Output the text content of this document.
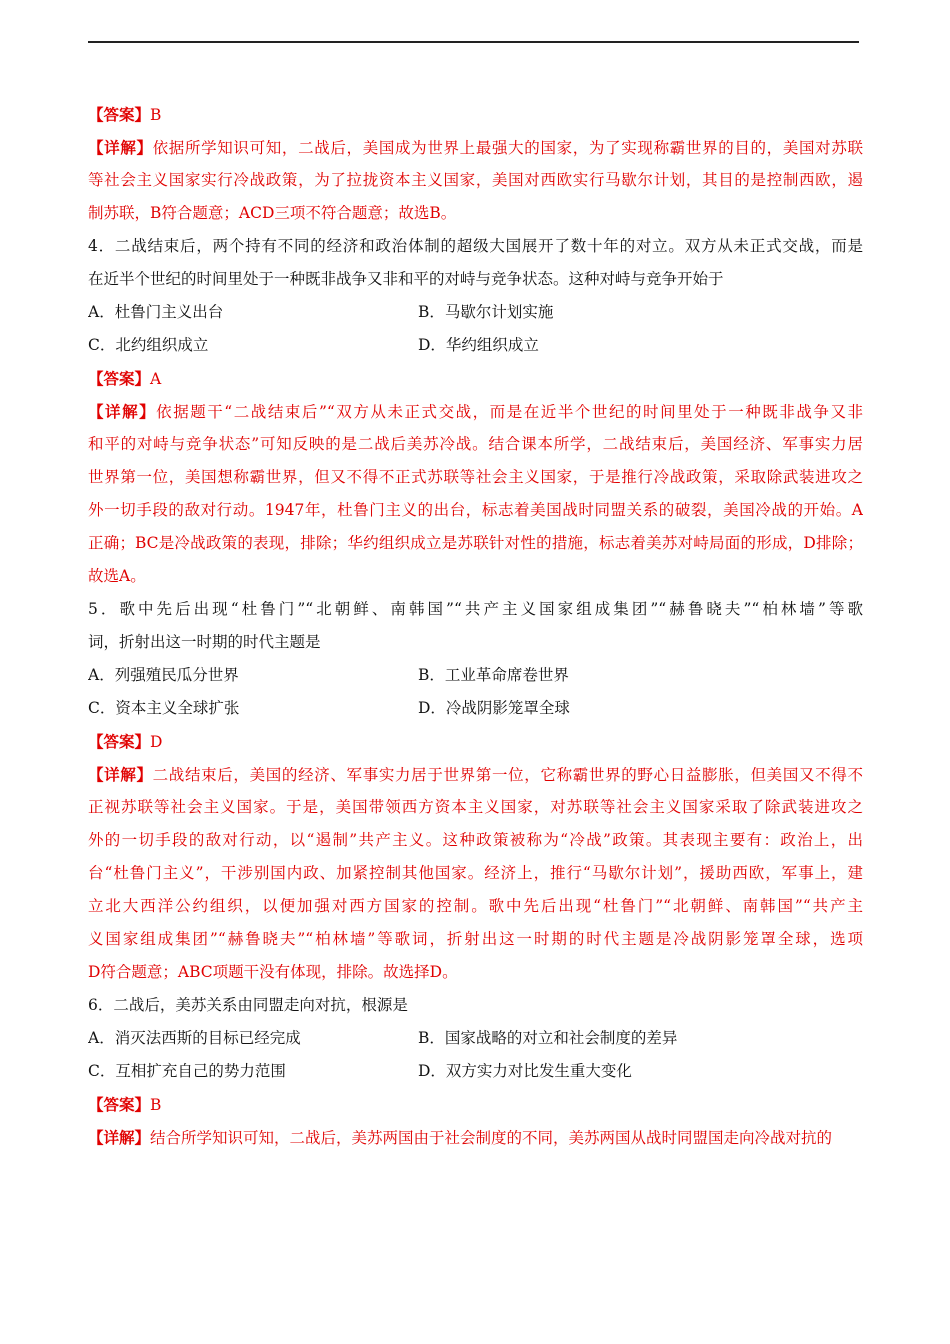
【答案】B
【详解】依据所学知识可知，二战后，美国成为世界上最强大的国家，为了实现称霸世界的目的，美国对苏联
等社会主义国家实行冷战政策，为了拉拢资本主义国家，美国对西欧实行马歇尔计划，其目的是控制西欧，遏
制苏联，B符合题意；ACD三项不符合题意；故选B。
4．二战结束后，两个持有不同的经济和政治体制的超级大国展开了数十年的对立。双方从未正式交战，而是
在近半个世纪的时间里处于一种既非战争又非和平的对峙与竞争状态。这种对峙与竞争开始于
A．杜鲁门主义出台	B．马歇尔计划实施
C．北约组织成立	D．华约组织成立
【答案】A
【详解】依据题干“二战结束后”“双方从未正式交战，而是在近半个世纪的时间里处于一种既非战争又非
和平的对峙与竞争状态”可知反映的是二战后美苏冷战。结合课本所学，二战结束后，美国经济、军事实力居
世界第一位，美国想称霸世界，但又不得不正式苏联等社会主义国家，于是推行冷战政策，采取除武装进攻之
外一切手段的敌对行动。1947年，杜鲁门主义的出台，标志着美国战时同盟关系的破裂，美国冷战的开始。A
正确；BC是冷战政策的表现，排除；华约组织成立是苏联针对性的措施，标志着美苏对峙局面的形成，D排除；
故选A。
5．歌中先后出现“杜鲁门”“北朝鲜、南韩国”“共产主义国家组成集团”“赫鲁晓夫”“柏林墙”等歌
词，折射出这一时期的时代主题是
A．列强殖民瓜分世界	B．工业革命席卷世界
C．资本主义全球扩张	D．冷战阴影笼罩全球
【答案】D
【详解】二战结束后，美国的经济、军事实力居于世界第一位，它称霸世界的野心日益膨胀，但美国又不得不
正视苏联等社会主义国家。于是，美国带领西方资本主义国家，对苏联等社会主义国家采取了除武装进攻之
外的一切手段的敌对行动，以“遏制”共产主义。这种政策被称为“冷战”政策。其表现主要有：政治上，出
台“杜鲁门主义”，干涉别国内政、加紧控制其他国家。经济上，推行“马歇尔计划”，援助西欧，军事上，建
立北大西洋公约组织，以便加强对西方国家的控制。歌中先后出现“杜鲁门”“北朝鲜、南韩国”“共产主
义国家组成集团”“赫鲁晓夫”“柏林墙”等歌词，折射出这一时期的时代主题是冷战阴影笼罩全球，选项
D符合题意；ABC项题干没有体现，排除。故选择D。
6．二战后，美苏关系由同盟走向对抗，根源是
A．消灭法西斯的目标已经完成	B．国家战略的对立和社会制度的差异
C．互相扩充自己的势力范围	D．双方实力对比发生重大变化
【答案】B
【详解】结合所学知识可知，二战后，美苏两国由于社会制度的不同，美苏两国从战时同盟国走向冷战对抗的
